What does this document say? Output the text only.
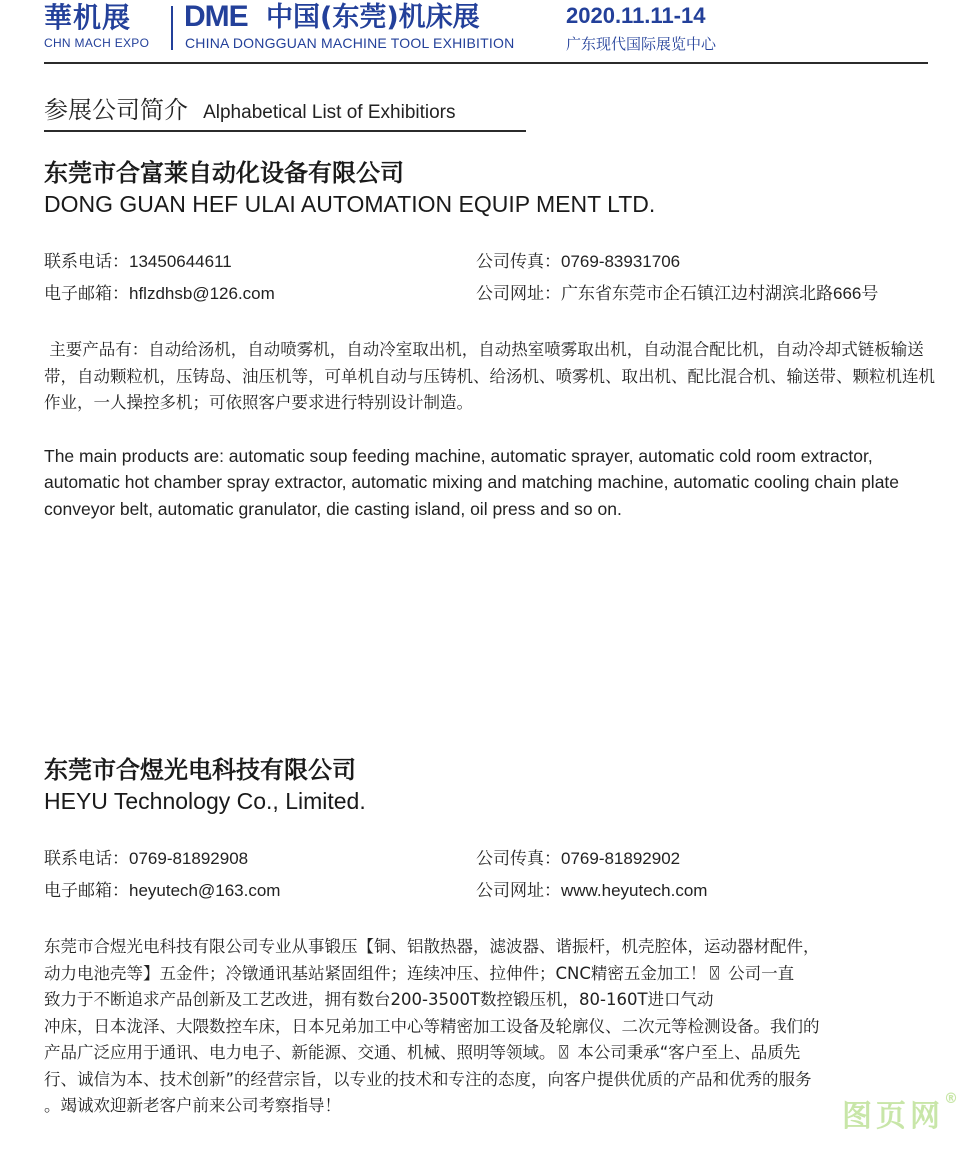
華机展
CHN MACH EXPO
DME 中国(东莞)机床展	2020.11.11-14
CHINA DONGGUAN MACHINE TOOL EXHIBITION	广东现代国际展览中心
参展公司简介 Alphabetical List of Exhibitiors

东莞市合富莱自动化设备有限公司

DONG GUAN HEF ULAI AUTOMATION EQUIP MENT LTD.

联系电话：13450644611	公司传真：0769-83931706
电子邮箱：hflzdhsb@126.com	公司网址：广东省东莞市企石镇江边村湖滨北路666号

主要产品有：自动给汤机，自动喷雾机，自动冷室取出机，自动热室喷雾取出机，自动混合配比机，自动冷却式链板输送带，自动颗粒机，压铸岛、油压机等，可单机自动与压铸机、给汤机、喷雾机、取出机、配比混合机、输送带、颗粒机连机作业，一人操控多机；可依照客户要求进行特别设计制造。

The main products are: automatic soup feeding machine, automatic sprayer, automatic cold room extractor, automatic hot chamber spray extractor, automatic mixing and matching machine, automatic cooling chain plate conveyor belt, automatic granulator, die casting island, oil press and so on.

东莞市合煜光电科技有限公司

HEYU Technology Co., Limited.

联系电话：0769-81892908	公司传真：0769-81892902
电子邮箱：heyutech@163.com	公司网址：www.heyutech.com

东莞市合煜光电科技有限公司专业从事锻压【铜、铝散热器，滤波器、谐振杆，机壳腔体，运动器材配件，

动力电池壳等】五金件；冷镦通讯基站紧固组件；连续冲压、拉伸件；CNC精密五金加工！〿 公司一直

致力于不断追求产品创新及工艺改进，拥有数台200-3500T数控锻压机，80-160T进口气动

冲床，日本泷泽、大隈数控车床，日本兄弟加工中心等精密加工设备及轮廓仪、二次元等检测设备。我们的

产品广泛应用于通讯、电力电子、新能源、交通、机械、照明等领域。〿 本公司秉承“客户至上、品质先

行、诚信为本、技术创新”的经营宗旨，以专业的技术和专注的态度，向客户提供优质的产品和优秀的服务

。竭诚欢迎新老客户前来公司考察指导！	图页网®
